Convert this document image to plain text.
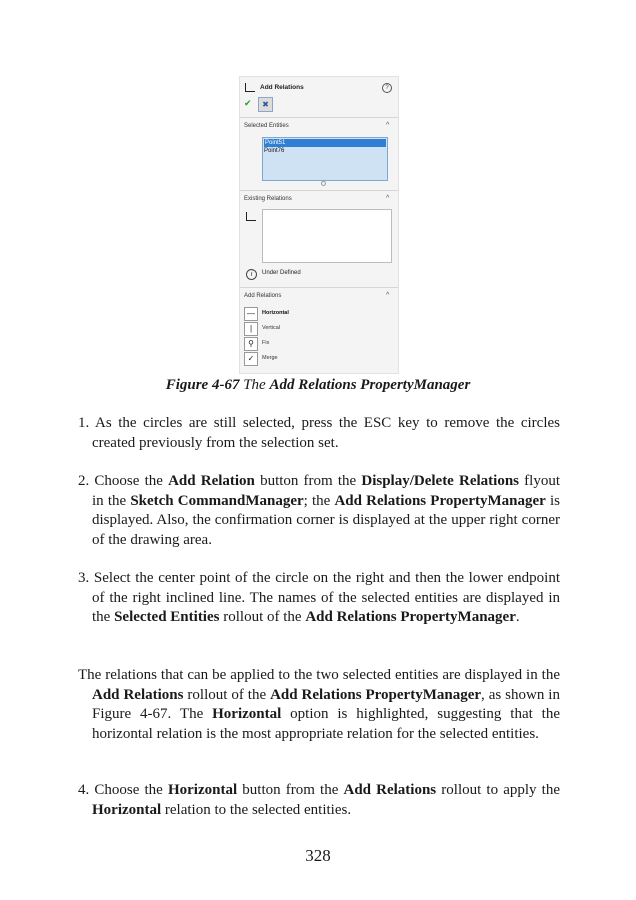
Add Relations	?
✔	✖
Selected Entities	^
Point51
Point76
Existing Relations	^
i	Under Defined
Add Relations	^
—	Horizontal
|	Vertical
⚲	Fix
✓	Merge
Figure 4-67 The Add Relations PropertyManager

1. As the circles are still selected, press the ESC key to remove the circles created previously from the selection set.

2. Choose the Add Relation button from the Display/Delete Relations flyout in the Sketch CommandManager; the Add Relations PropertyManager is displayed. Also, the confirmation corner is displayed at the upper right corner of the drawing area.

3. Select the center point of the circle on the right and then the lower endpoint of the right inclined line. The names of the selected entities are displayed in the Selected Entities rollout of the Add Relations PropertyManager.

The relations that can be applied to the two selected entities are displayed in the Add Relations rollout of the Add Relations PropertyManager, as shown in Figure 4-67. The Horizontal option is highlighted, suggesting that the horizontal relation is the most appropriate relation for the selected entities.

4. Choose the Horizontal button from the Add Relations rollout to apply the Horizontal relation to the selected entities.

328
